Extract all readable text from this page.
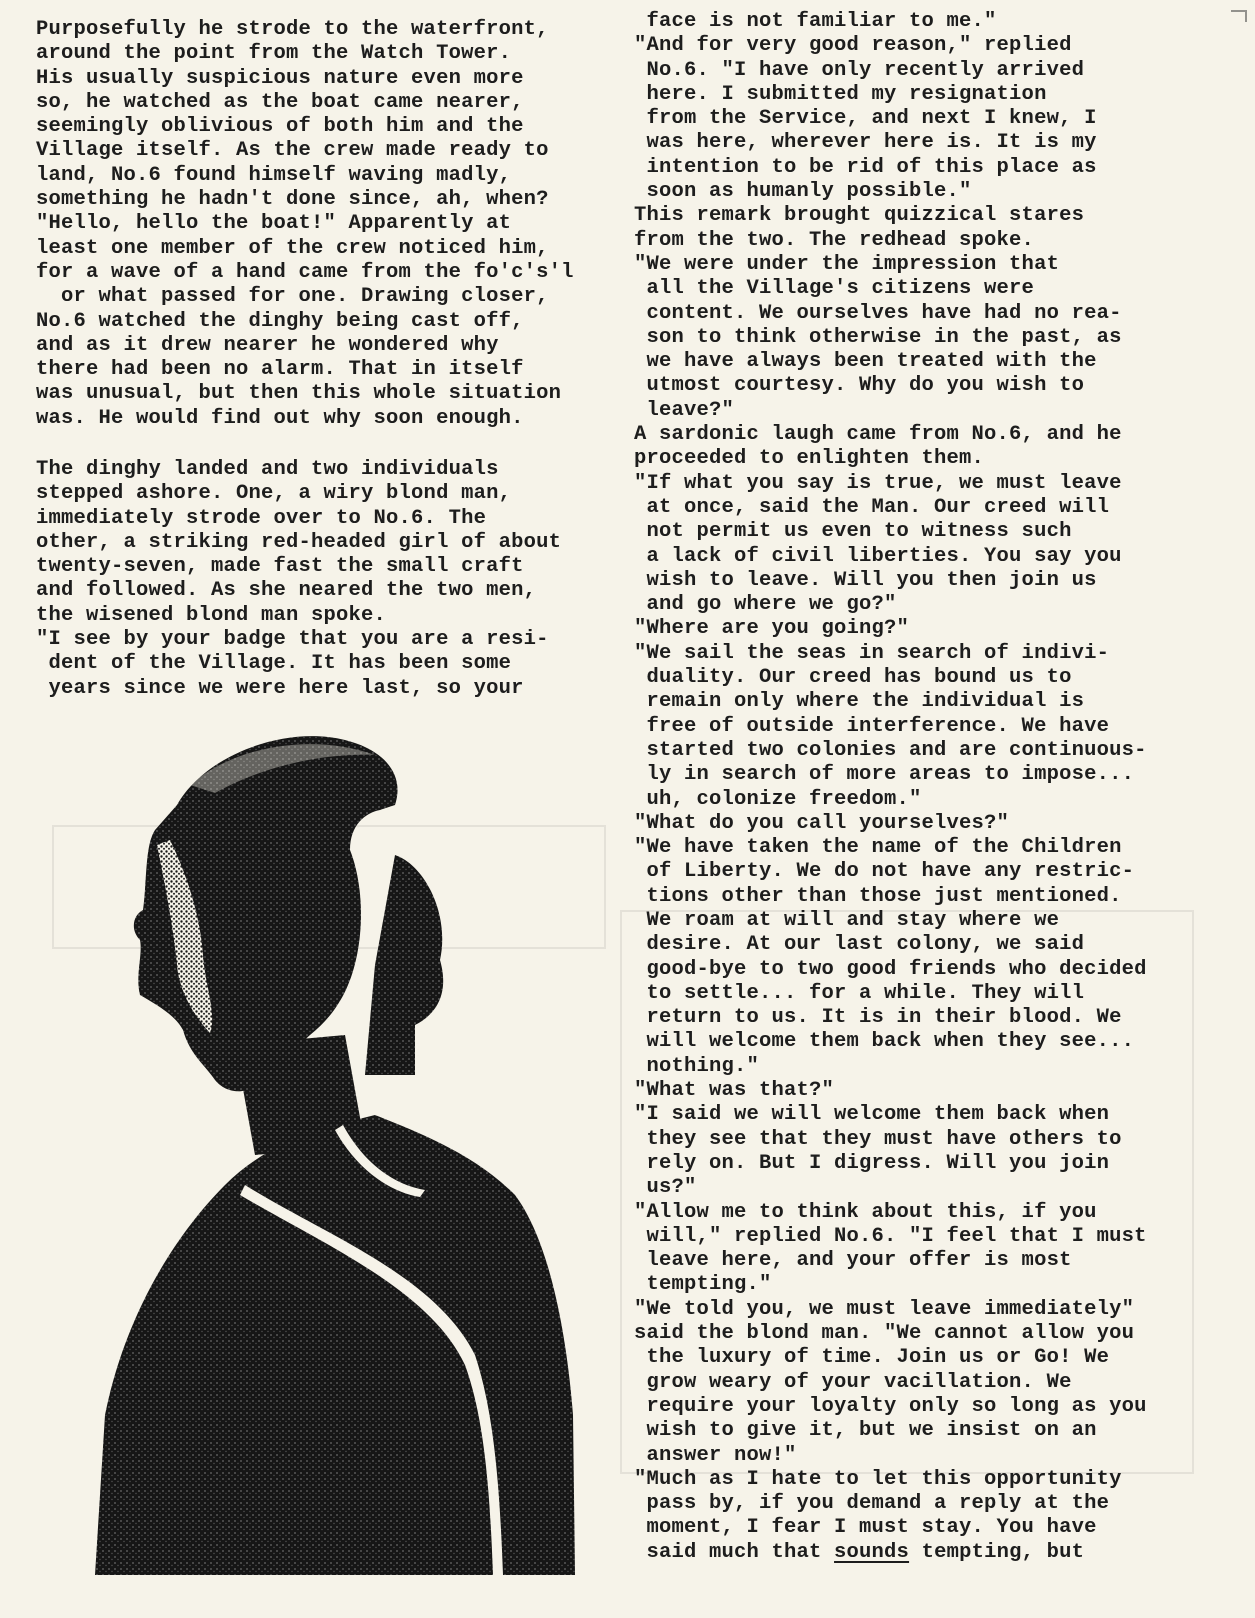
Purposefully he strode to the waterfront,
around the point from the Watch Tower.
His usually suspicious nature even more
so, he watched as the boat came nearer,
seemingly oblivious of both him and the
Village itself. As the crew made ready to
land, No.6 found himself waving madly,
something he hadn't done since, ah, when?
"Hello, hello the boat!" Apparently at
least one member of the crew noticed him,
for a wave of a hand came from the fo'c's'l
or what passed for one. Drawing closer,
No.6 watched the dinghy being cast off,
and as it drew nearer he wondered why
there had been no alarm. That in itself
was unusual, but then this whole situation
was. He would find out why soon enough.
The dinghy landed and two individuals
stepped ashore. One, a wiry blond man,
immediately strode over to No.6. The
other, a striking red-headed girl of about
twenty-seven, made fast the small craft
and followed. As she neared the two men,
the wisened blond man spoke.
"I see by your badge that you are a resi-
dent of the Village. It has been some
years since we were here last, so your
face is not familiar to me."
"And for very good reason," replied
No.6. "I have only recently arrived
here. I submitted my resignation
from the Service, and next I knew, I
was here, wherever here is. It is my
intention to be rid of this place as
soon as humanly possible."
This remark brought quizzical stares
from the two. The redhead spoke.
"We were under the impression that
all the Village's citizens were
content. We ourselves have had no rea-
son to think otherwise in the past, as
we have always been treated with the
utmost courtesy. Why do you wish to
leave?"
A sardonic laugh came from No.6, and he
proceeded to enlighten them.
"If what you say is true, we must leave
at once, said the Man. Our creed will
not permit us even to witness such
a lack of civil liberties. You say you
wish to leave. Will you then join us
and go where we go?"
"Where are you going?"
"We sail the seas in search of indivi-
duality. Our creed has bound us to
remain only where the individual is
free of outside interference. We have
started two colonies and are continuous-
ly in search of more areas to impose...
uh, colonize freedom."
"What do you call yourselves?"
"We have taken the name of the Children
of Liberty. We do not have any restric-
tions other than those just mentioned.
We roam at will and stay where we
desire. At our last colony, we said
good-bye to two good friends who decided
to settle... for a while. They will
return to us. It is in their blood. We
will welcome them back when they see...
nothing."
"What was that?"
"I said we will welcome them back when
they see that they must have others to
rely on. But I digress. Will you join
us?"
"Allow me to think about this, if you
will," replied No.6. "I feel that I must
leave here, and your offer is most
tempting."
"We told you, we must leave immediately"
said the blond man. "We cannot allow you
the luxury of time. Join us or Go! We
grow weary of your vacillation. We
require your loyalty only so long as you
wish to give it, but we insist on an
answer now!"
"Much as I hate to let this opportunity
pass by, if you demand a reply at the
moment, I fear I must stay. You have
said much that sounds tempting, but
